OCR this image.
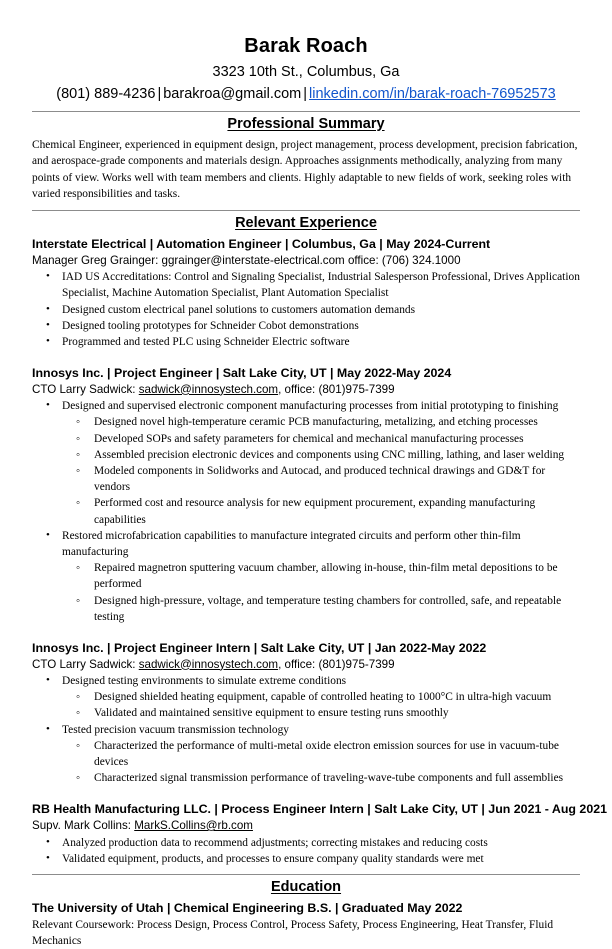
Barak Roach

3323 10th St., Columbus, Ga

(801) 889-4236 | barakroa@gmail.com | linkedin.com/in/barak-roach-76952573

Professional Summary

Chemical Engineer, experienced in equipment design, project management, process development, precision fabrication, and aerospace-grade components and materials design. Approaches assignments methodically, analyzing from many points of view. Works well with team members and clients. Highly adaptable to new fields of work, seeking roles with varied responsibilities and tasks.

Relevant Experience

Interstate Electrical | Automation Engineer | Columbus, Ga | May 2024-Current

Manager Greg Grainger: ggrainger@interstate-electrical.com office: (706) 324.1000

• IAD US Accreditations: Control and Signaling Specialist, Industrial Salesperson Professional, Drives Application Specialist, Machine Automation Specialist, Plant Automation Specialist
• Designed custom electrical panel solutions to customers automation demands
• Designed tooling prototypes for Schneider Cobot demonstrations
• Programmed and tested PLC using Schneider Electric software

Innosys Inc. | Project Engineer | Salt Lake City, UT | May 2022-May 2024

CTO Larry Sadwick: sadwick@innosystech.com, office: (801)975-7399

• Designed and supervised electronic component manufacturing processes from initial prototyping to finishing
◦ Designed novel high-temperature ceramic PCB manufacturing, metalizing, and etching processes
◦ Developed SOPs and safety parameters for chemical and mechanical manufacturing processes
◦ Assembled precision electronic devices and components using CNC milling, lathing, and laser welding
◦ Modeled components in Solidworks and Autocad, and produced technical drawings and GD&T for vendors
◦ Performed cost and resource analysis for new equipment procurement, expanding manufacturing capabilities
• Restored microfabrication capabilities to manufacture integrated circuits and perform other thin-film manufacturing
◦ Repaired magnetron sputtering vacuum chamber, allowing in-house, thin-film metal depositions to be performed
◦ Designed high-pressure, voltage, and temperature testing chambers for controlled, safe, and repeatable testing

Innosys Inc. | Project Engineer Intern | Salt Lake City, UT | Jan 2022-May 2022

CTO Larry Sadwick: sadwick@innosystech.com, office: (801)975-7399

• Designed testing environments to simulate extreme conditions
◦ Designed shielded heating equipment, capable of controlled heating to 1000°C in ultra-high vacuum
◦ Validated and maintained sensitive equipment to ensure testing runs smoothly
• Tested precision vacuum transmission technology
◦ Characterized the performance of multi-metal oxide electron emission sources for use in vacuum-tube devices
◦ Characterized signal transmission performance of traveling-wave-tube components and full assemblies

RB Health Manufacturing LLC. | Process Engineer Intern | Salt Lake City, UT | Jun 2021 - Aug 2021

Supv. Mark Collins: MarkS.Collins@rb.com

• Analyzed production data to recommend adjustments; correcting mistakes and reducing costs
• Validated equipment, products, and processes to ensure company quality standards were met
Education

The University of Utah | Chemical Engineering B.S. | Graduated May 2022

Relevant Coursework: Process Design, Process Control, Process Safety, Process Engineering, Heat Transfer, Fluid Mechanics
